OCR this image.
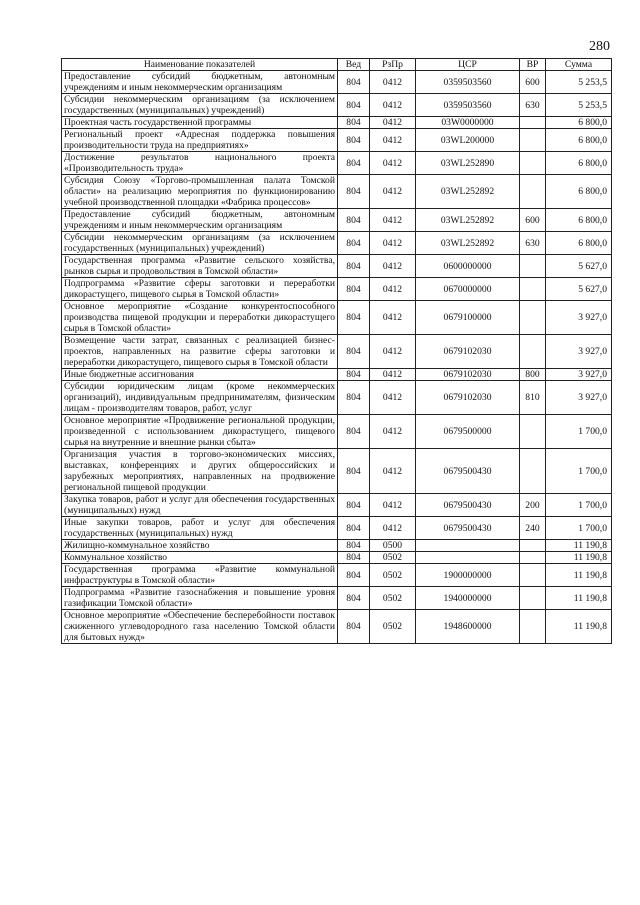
280
Наименование показателей	Вед	РзПр	ЦСР	ВР	Сумма
Предоставление субсидий бюджетным, автономным учреждениям и иным некоммерческим организациям	804	0412	0359503560	600	5 253,5
Субсидии некоммерческим организациям (за исключением государственных (муниципальных) учреждений)	804	0412	0359503560	630	5 253,5
Проектная часть государственной программы	804	0412	03W0000000		6 800,0
Региональный проект «Адресная поддержка повышения производительности труда на предприятиях»	804	0412	03WL200000		6 800,0
Достижение результатов национального проекта «Производительность труда»	804	0412	03WL252890		6 800,0
Субсидия Союзу «Торгово-промышленная палата Томской области» на реализацию мероприятия по функционированию учебной производственной площадки «Фабрика процессов»	804	0412	03WL252892		6 800,0
Предоставление субсидий бюджетным, автономным учреждениям и иным некоммерческим организациям	804	0412	03WL252892	600	6 800,0
Субсидии некоммерческим организациям (за исключением государственных (муниципальных) учреждений)	804	0412	03WL252892	630	6 800,0
Государственная программа «Развитие сельского хозяйства, рынков сырья и продовольствия в Томской области»	804	0412	0600000000		5 627,0
Подпрограмма «Развитие сферы заготовки и переработки дикорастущего, пищевого сырья в Томской области»	804	0412	0670000000		5 627,0
Основное мероприятие «Создание конкурентоспособного производства пищевой продукции и переработки дикорастущего сырья в Томской области»	804	0412	0679100000		3 927,0
Возмещение части затрат, связанных с реализацией бизнес-проектов, направленных на развитие сферы заготовки и переработки дикорастущего, пищевого сырья в Томской области	804	0412	0679102030		3 927,0
Иные бюджетные ассигнования	804	0412	0679102030	800	3 927,0
Субсидии юридическим лицам (кроме некоммерческих организаций), индивидуальным предпринимателям, физическим лицам - производителям товаров, работ, услуг	804	0412	0679102030	810	3 927,0
Основное мероприятие «Продвижение региональной продукции, произведенной с использованием дикорастущего, пищевого сырья на внутренние и внешние рынки сбыта»	804	0412	0679500000		1 700,0
Организация участия в торгово-экономических миссиях, выставках, конференциях и других общероссийских и зарубежных мероприятиях, направленных на продвижение региональной пищевой продукции	804	0412	0679500430		1 700,0
Закупка товаров, работ и услуг для обеспечения государственных (муниципальных) нужд	804	0412	0679500430	200	1 700,0
Иные закупки товаров, работ и услуг для обеспечения государственных (муниципальных) нужд	804	0412	0679500430	240	1 700,0
Жилищно-коммунальное хозяйство	804	0500			11 190,8
Коммунальное хозяйство	804	0502			11 190,8
Государственная программа «Развитие коммунальной инфраструктуры в Томской области»	804	0502	1900000000		11 190,8
Подпрограмма «Развитие газоснабжения и повышение уровня газификации Томской области»	804	0502	1940000000		11 190,8
Основное мероприятие «Обеспечение бесперебойности поставок сжиженного углеводородного газа населению Томской области для бытовых нужд»	804	0502	1948600000		11 190,8
